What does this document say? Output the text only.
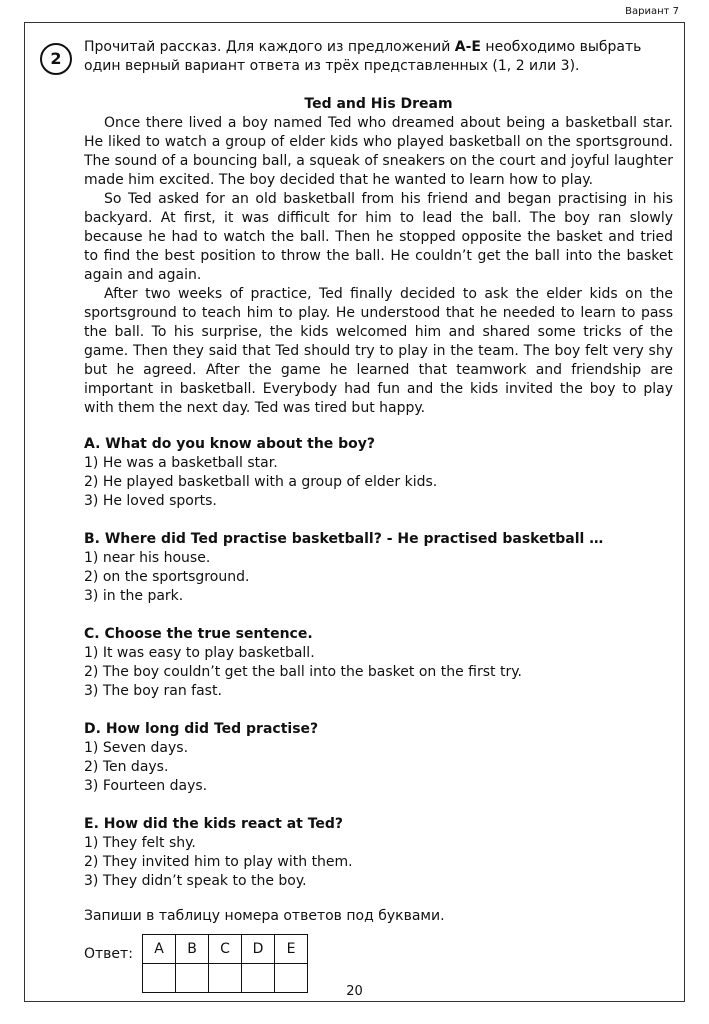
Вариант 7
2
Прочитай рассказ. Для каждого из предложений A-E необходимо выбрать один верный вариант ответа из трёх представленных (1, 2 или 3).
Ted and His Dream

Once there lived a boy named Ted who dreamed about being a basketball star. He liked to watch a group of elder kids who played basketball on the sportsground. The sound of a bouncing ball, a squeak of sneakers on the court and joyful laughter made him excited. The boy decided that he wanted to learn how to play.

So Ted asked for an old basketball from his friend and began practising in his backyard. At first, it was difficult for him to lead the ball. The boy ran slowly because he had to watch the ball. Then he stopped opposite the basket and tried to find the best position to throw the ball. He couldn’t get the ball into the basket again and again.

After two weeks of practice, Ted finally decided to ask the elder kids on the sportsground to teach him to play. He understood that he needed to learn to pass the ball. To his surprise, the kids welcomed him and shared some tricks of the game. Then they said that Ted should try to play in the team. The boy felt very shy but he agreed. After the game he learned that teamwork and friendship are important in basketball. Everybody had fun and the kids invited the boy to play with them the next day. Ted was tired but happy.

A. What do you know about the boy?
1) He was a basketball star.
2) He played basketball with a group of elder kids.
3) He loved sports.
B. Where did Ted practise basketball? - He practised basketball …
1) near his house.
2) on the sportsground.
3) in the park.
C. Choose the true sentence.
1) It was easy to play basketball.
2) The boy couldn’t get the ball into the basket on the first try.
3) The boy ran fast.
D. How long did Ted practise?
1) Seven days.
2) Ten days.
3) Fourteen days.
E. How did the kids react at Ted?
1) They felt shy.
2) They invited him to play with them.
3) They didn’t speak to the boy.
Запиши в таблицу номера ответов под буквами.
Ответ: A	B	C	D	E

20
